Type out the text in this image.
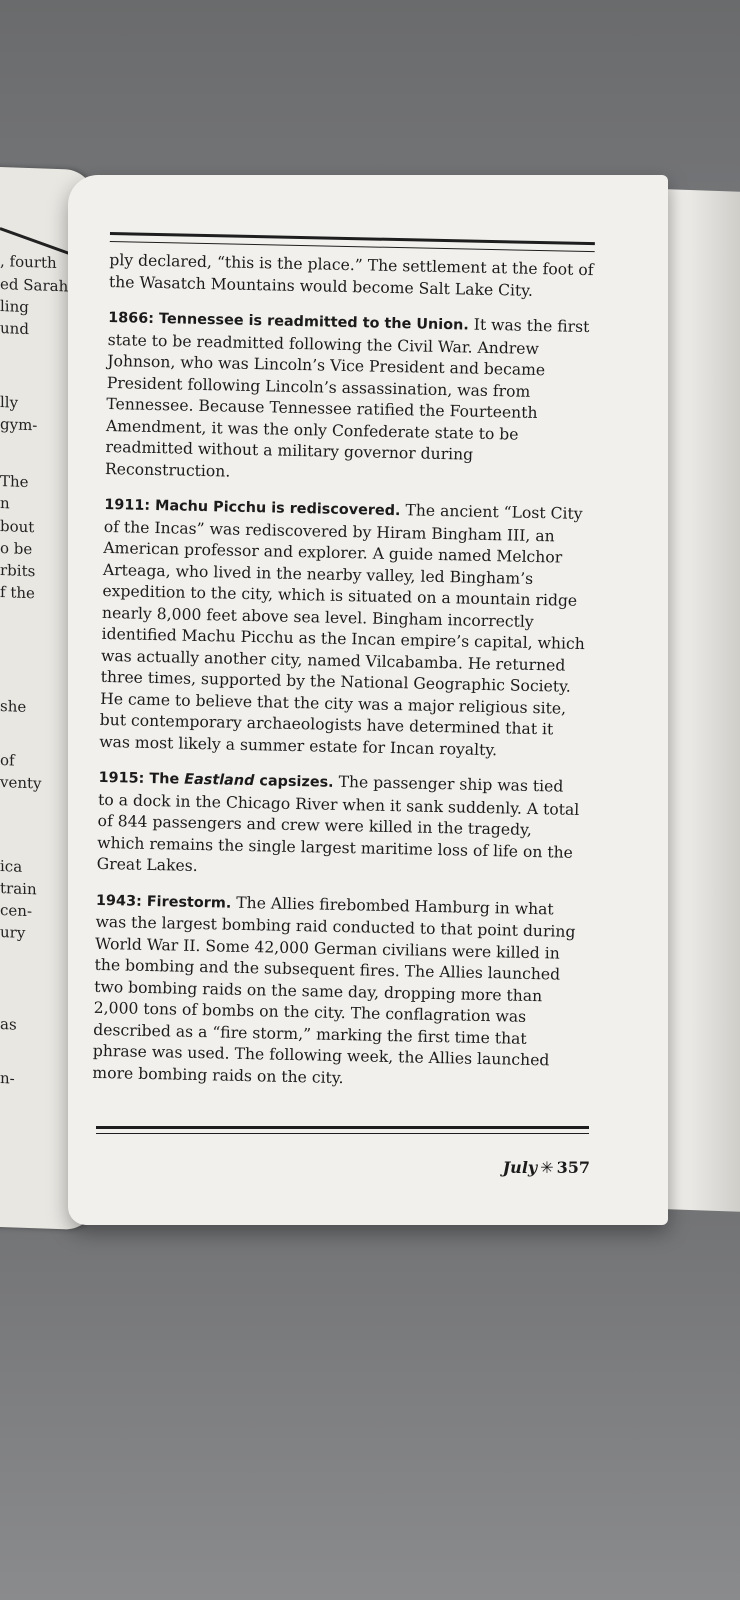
, fourth
ed Sarah
ling
und
lly
gym-
The
n
bout
o be
rbits
f the
she
of
venty
ica
train
cen-
ury
as
n-

ply declared, “this is the place.” The settlement at the foot of the Wasatch Mountains would become Salt Lake City.

1866: Tennessee is readmitted to the Union. It was the first state to be readmitted following the Civil War. Andrew Johnson, who was Lincoln’s Vice President and became President following Lincoln’s assassination, was from Tennessee. Because Tennessee ratified the Fourteenth Amendment, it was the only Confederate state to be readmitted without a military governor during Reconstruction.

1911: Machu Picchu is rediscovered. The ancient “Lost City of the Incas” was rediscovered by Hiram Bingham III, an American professor and explorer. A guide named Melchor Arteaga, who lived in the nearby valley, led Bingham’s expedition to the city, which is situated on a mountain ridge nearly 8,000 feet above sea level. Bingham incorrectly identified Machu Picchu as the Incan empire’s capital, which was actually another city, named Vilcabamba. He returned three times, supported by the National Geographic Society. He came to believe that the city was a major religious site, but contemporary archaeologists have determined that it was most likely a summer estate for Incan royalty.

1915: The Eastland capsizes. The passenger ship was tied to a dock in the Chicago River when it sank suddenly. A total of 844 passengers and crew were killed in the tragedy, which remains the single largest maritime loss of life on the Great Lakes.

1943: Firestorm. The Allies firebombed Hamburg in what was the largest bombing raid conducted to that point during World War II. Some 42,000 German civilians were killed in the bombing and the subsequent fires. The Allies launched two bombing raids on the same day, dropping more than 2,000 tons of bombs on the city. The conflagration was described as a “fire storm,” marking the first time that phrase was used. The following week, the Allies launched more bombing raids on the city.

July ✳ 357
